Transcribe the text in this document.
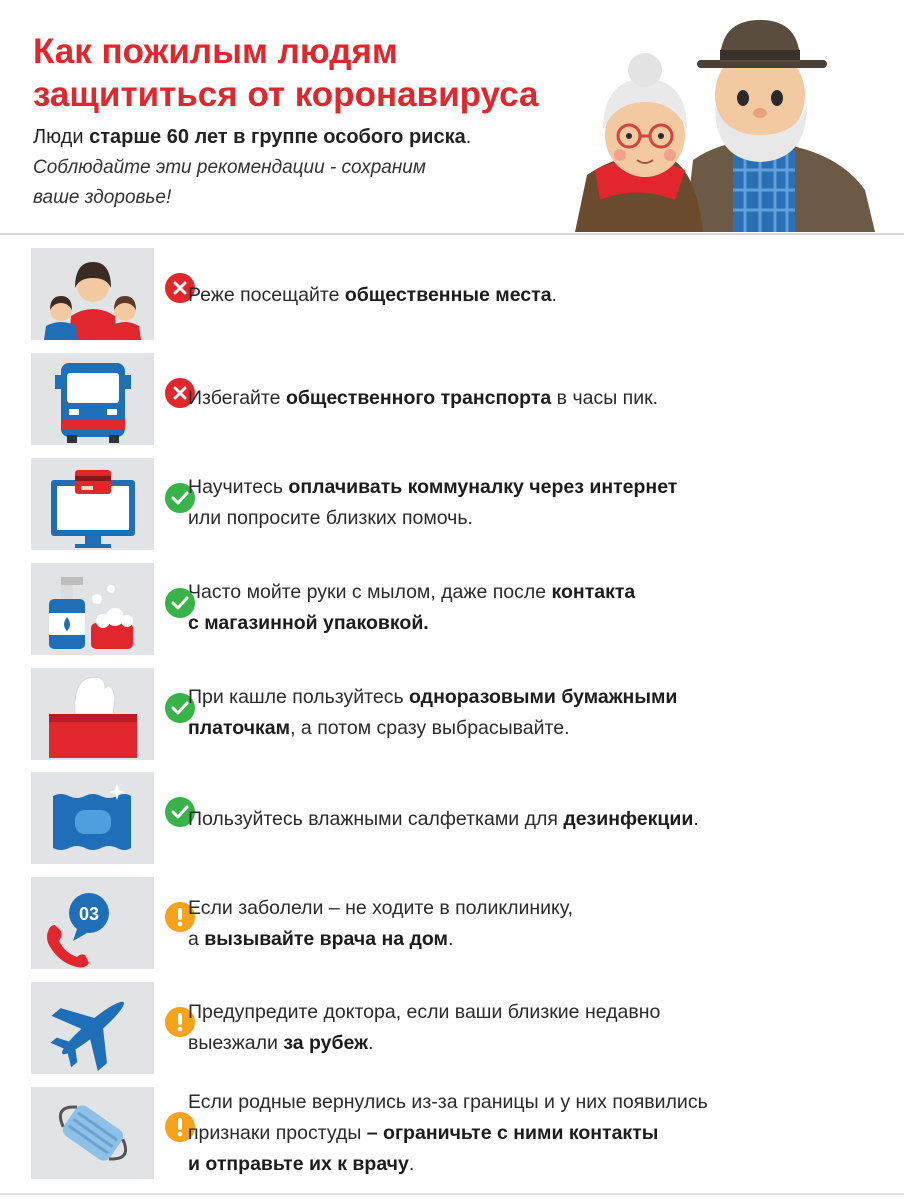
Как пожилым людям
защититься от коронавируса
Люди старше 60 лет в группе особого риска.
Соблюдайте эти рекомендации - сохраним
ваше здоровье!
Реже посещайте общественные места.
Избегайте общественного транспорта в часы пик.
Научитесь оплачивать коммуналку через интернет
или попросите близких помочь.
Часто мойте руки с мылом, даже после контакта
с магазинной упаковкой.
При кашле пользуйтесь одноразовыми бумажными
платочкам, а потом сразу выбрасывайте.
Пользуйтесь влажными салфетками для дезинфекции.
03	Если заболели – не ходите в поликлинику,
а вызывайте врача на дом.
Предупредите доктора, если ваши близкие недавно
выезжали за рубеж.
Если родные вернулись из-за границы и у них появились
признаки простуды – ограничьте с ними контакты
и отправьте их к врачу.
